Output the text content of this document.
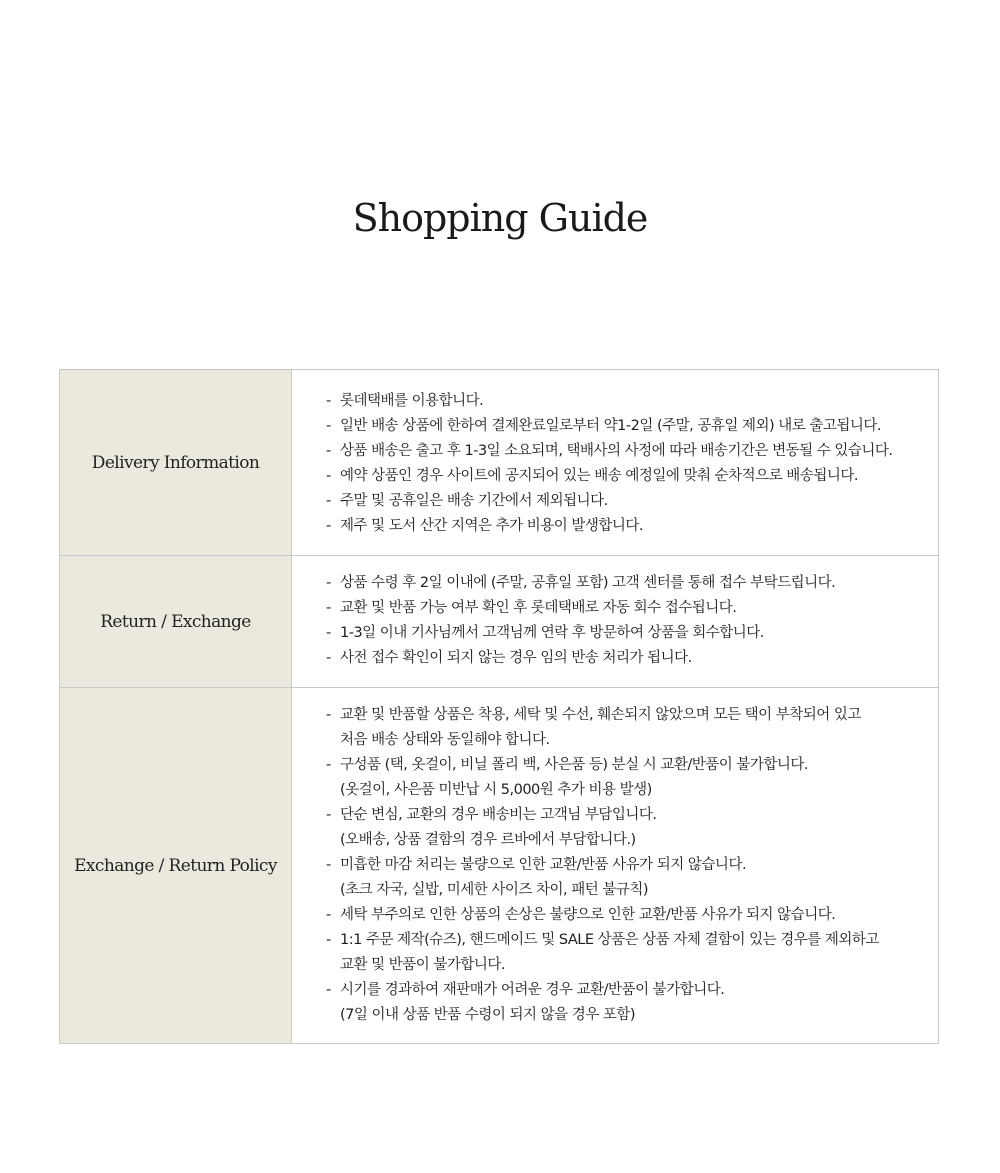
Shopping Guide
Delivery Information
- 롯데택배를 이용합니다.
- 일반 배송 상품에 한하여 결제완료일로부터 약1-2일 (주말, 공휴일 제외) 내로 출고됩니다.
- 상품 배송은 출고 후 1-3일 소요되며, 택배사의 사정에 따라 배송기간은 변동될 수 있습니다.
- 예약 상품인 경우 사이트에 공지되어 있는 배송 예정일에 맞춰 순차적으로 배송됩니다.
- 주말 및 공휴일은 배송 기간에서 제외됩니다.
- 제주 및 도서 산간 지역은 추가 비용이 발생합니다.
Return / Exchange
- 상품 수령 후 2일 이내에 (주말, 공휴일 포함) 고객 센터를 통해 접수 부탁드립니다.
- 교환 및 반품 가능 여부 확인 후 롯데택배로 자동 회수 접수됩니다.
- 1-3일 이내 기사님께서 고객님께 연락 후 방문하여 상품을 회수합니다.
- 사전 접수 확인이 되지 않는 경우 임의 반송 처리가 됩니다.
Exchange / Return Policy
- 교환 및 반품할 상품은 착용, 세탁 및 수선, 훼손되지 않았으며 모든 택이 부착되어 있고
처음 배송 상태와 동일해야 합니다.
- 구성품 (택, 옷걸이, 비닐 폴리 백, 사은품 등) 분실 시 교환/반품이 불가합니다.
(옷걸이, 사은품 미반납 시 5,000원 추가 비용 발생)
- 단순 변심, 교환의 경우 배송비는 고객님 부담입니다.
(오배송, 상품 결함의 경우 르바에서 부담합니다.)
- 미흡한 마감 처리는 불량으로 인한 교환/반품 사유가 되지 않습니다.
(초크 자국, 실밥, 미세한 사이즈 차이, 패턴 불규칙)
- 세탁 부주의로 인한 상품의 손상은 불량으로 인한 교환/반품 사유가 되지 않습니다.
- 1:1 주문 제작(슈즈), 핸드메이드 및 SALE 상품은 상품 자체 결함이 있는 경우를 제외하고
교환 및 반품이 불가합니다.
- 시기를 경과하여 재판매가 어려운 경우 교환/반품이 불가합니다.
(7일 이내 상품 반품 수령이 되지 않을 경우 포함)
